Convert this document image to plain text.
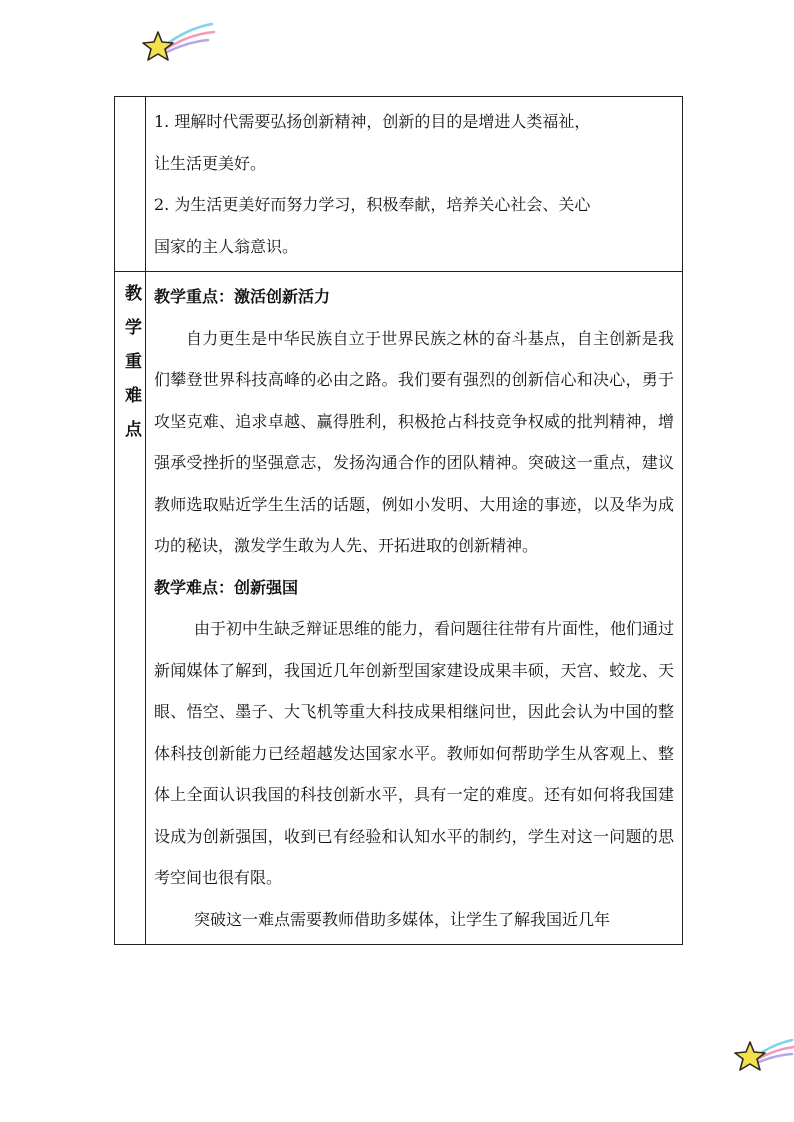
	1. 理解时代需要弘扬创新精神，创新的目的是增进人类福祉，
让生活更美好。
2. 为生活更美好而努力学习，积极奉献，培养关心社会、关心
国家的主人翁意识。

教学重难点	教学重点：激活创新活力

自力更生是中华民族自立于世界民族之林的奋斗基点，自主创新是我们攀登世界科技高峰的必由之路。我们要有强烈的创新信心和决心，勇于攻坚克难、追求卓越、赢得胜利，积极抢占科技竞争权威的批判精神，增强承受挫折的坚强意志，发扬沟通合作的团队精神。突破这一重点，建议教师选取贴近学生生活的话题，例如小发明、大用途的事迹，以及华为成功的秘诀，激发学生敢为人先、开拓进取的创新精神。

教学难点：创新强国

由于初中生缺乏辩证思维的能力，看问题往往带有片面性，他们通过新闻媒体了解到，我国近几年创新型国家建设成果丰硕，天宫、蛟龙、天眼、悟空、墨子、大飞机等重大科技成果相继问世，因此会认为中国的整体科技创新能力已经超越发达国家水平。教师如何帮助学生从客观上、整体上全面认识我国的科技创新水平，具有一定的难度。还有如何将我国建设成为创新强国，收到已有经验和认知水平的制约，学生对这一问题的思考空间也很有限。

突破这一难点需要教师借助多媒体，让学生了解我国近几年
